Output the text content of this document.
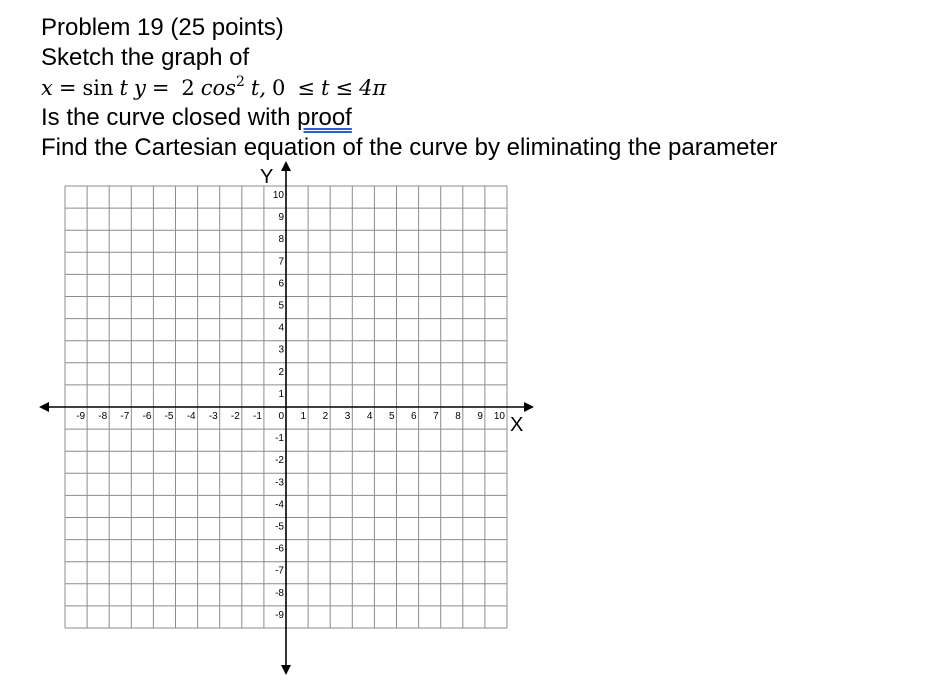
Problem 19 (25 points)
Sketch the graph of
x = sin t y = 2 $\cos^2 t$, 0 ≤ t ≤ 4π
Is the curve closed with proof
Find the Cartesian equation of the curve by eliminating the parameter
-9 -8 -7 -6 -5 -4 -3 -2 -1 0 1 2 3 4 5 6 7 8 9 10
10
9
8
7
6
5
4
3
2
1
-1
-2
-3
-4
-5
-6
-7
-8
-9
X
Y
